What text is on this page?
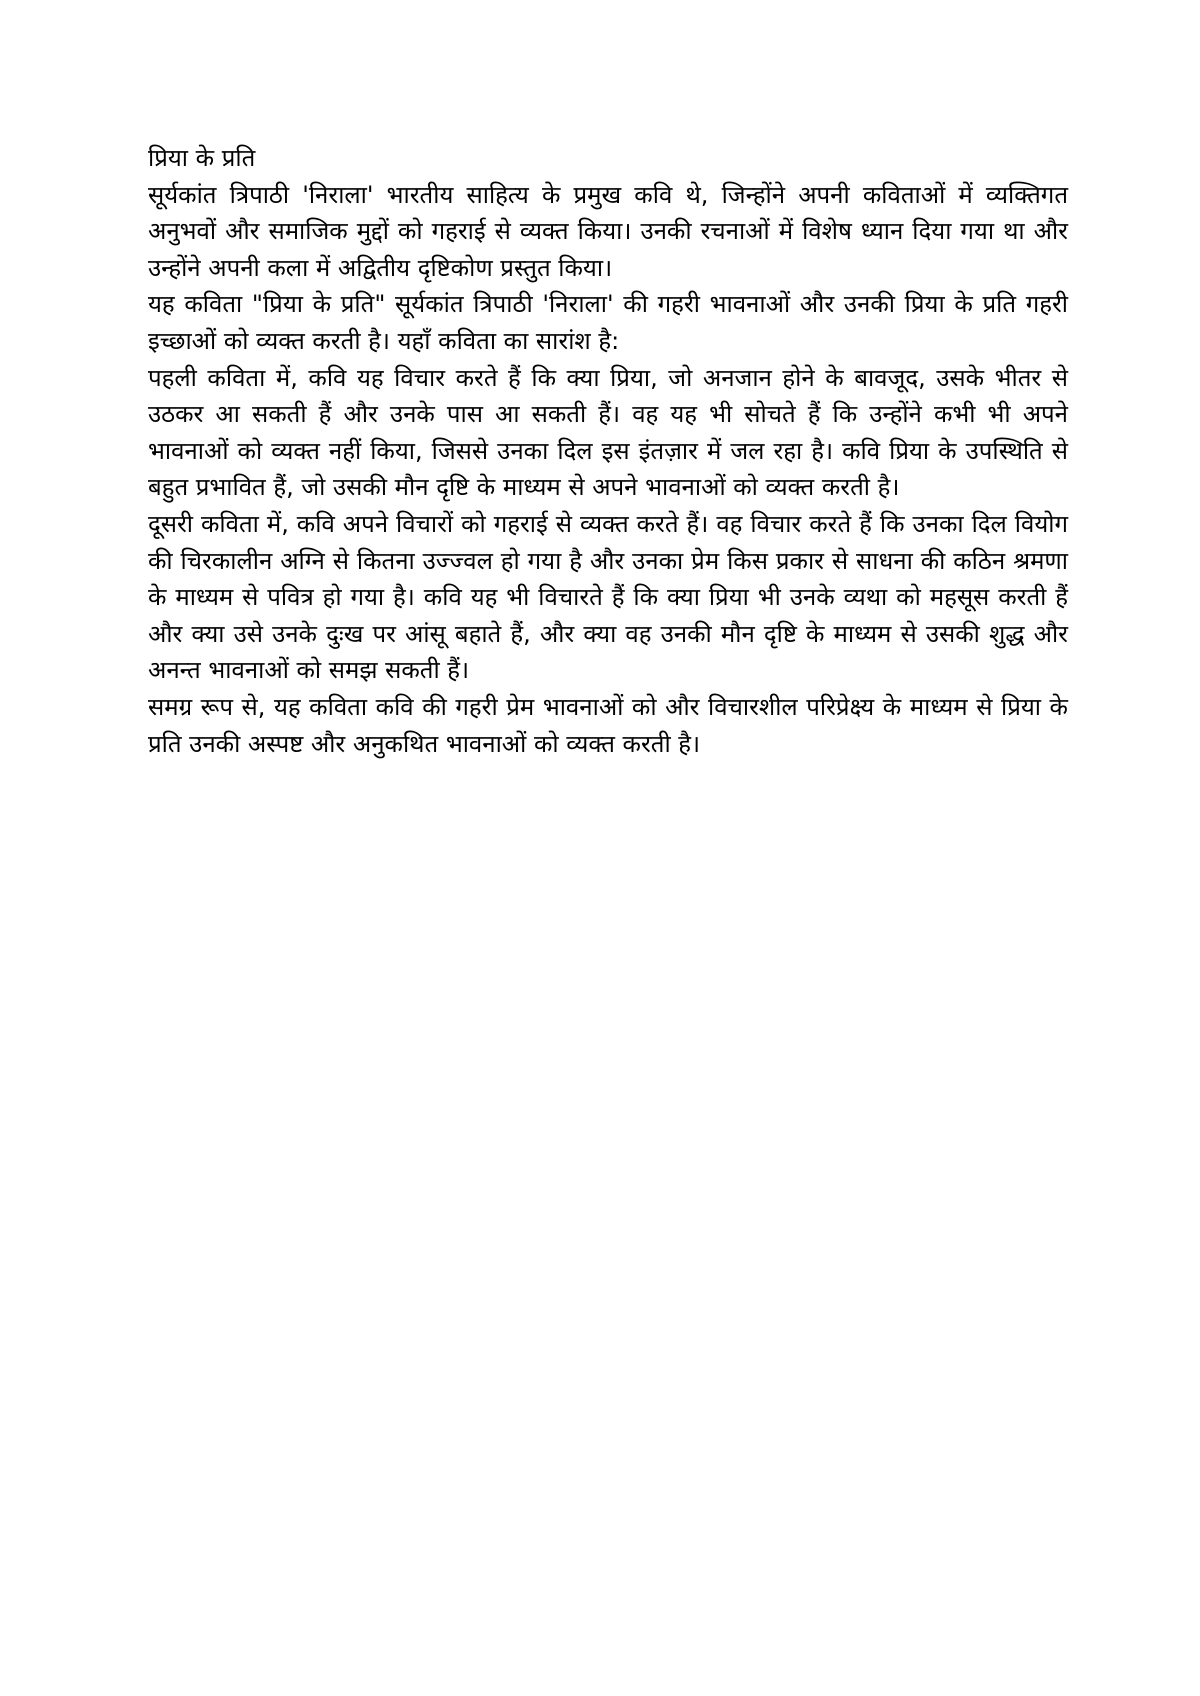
प्रिया के प्रति

सूर्यकांत त्रिपाठी 'निराला' भारतीय साहित्य के प्रमुख कवि थे, जिन्होंने अपनी कविताओं में व्यक्तिगत अनुभवों और समाजिक मुद्दों को गहराई से व्यक्त किया। उनकी रचनाओं में विशेष ध्यान दिया गया था और उन्होंने अपनी कला में अद्वितीय दृष्टिकोण प्रस्तुत किया।

यह कविता "प्रिया के प्रति" सूर्यकांत त्रिपाठी 'निराला' की गहरी भावनाओं और उनकी प्रिया के प्रति गहरी इच्छाओं को व्यक्त करती है। यहाँ कविता का सारांश है:

पहली कविता में, कवि यह विचार करते हैं कि क्या प्रिया, जो अनजान होने के बावजूद, उसके भीतर से उठकर आ सकती हैं और उनके पास आ सकती हैं। वह यह भी सोचते हैं कि उन्होंने कभी भी अपने भावनाओं को व्यक्त नहीं किया, जिससे उनका दिल इस इंतज़ार में जल रहा है। कवि प्रिया के उपस्थिति से बहुत प्रभावित हैं, जो उसकी मौन दृष्टि के माध्यम से अपने भावनाओं को व्यक्त करती है।

दूसरी कविता में, कवि अपने विचारों को गहराई से व्यक्त करते हैं। वह विचार करते हैं कि उनका दिल वियोग की चिरकालीन अग्नि से कितना उज्ज्वल हो गया है और उनका प्रेम किस प्रकार से साधना की कठिन श्रमणा के माध्यम से पवित्र हो गया है। कवि यह भी विचारते हैं कि क्या प्रिया भी उनके व्यथा को महसूस करती हैं और क्या उसे उनके दुःख पर आंसू बहाते हैं, और क्या वह उनकी मौन दृष्टि के माध्यम से उसकी शुद्ध और अनन्त भावनाओं को समझ सकती हैं।

समग्र रूप से, यह कविता कवि की गहरी प्रेम भावनाओं को और विचारशील परिप्रेक्ष्य के माध्यम से प्रिया के प्रति उनकी अस्पष्ट और अनुकथित भावनाओं को व्यक्त करती है।
